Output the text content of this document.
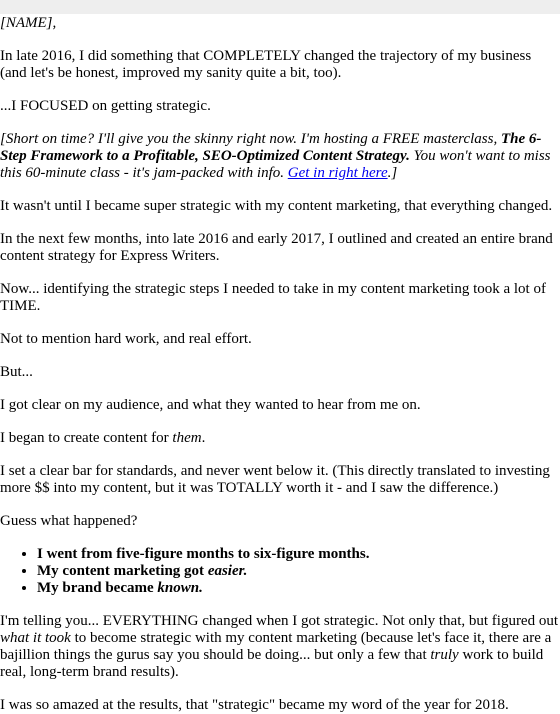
[NAME],

In late 2016, I did something that COMPLETELY changed the trajectory of my business (and let's be honest, improved my sanity quite a bit, too).

...I FOCUSED on getting strategic.

[Short on time? I'll give you the skinny right now. I'm hosting a FREE masterclass, The 6-Step Framework to a Profitable, SEO-Optimized Content Strategy. You won't want to miss this 60-minute class - it's jam-packed with info. Get in right here.]

It wasn't until I became super strategic with my content marketing, that everything changed.

In the next few months, into late 2016 and early 2017, I outlined and created an entire brand content strategy for Express Writers.

Now... identifying the strategic steps I needed to take in my content marketing took a lot of TIME.

Not to mention hard work, and real effort.

But...

I got clear on my audience, and what they wanted to hear from me on.

I began to create content for them.

I set a clear bar for standards, and never went below it. (This directly translated to investing more $$ into my content, but it was TOTALLY worth it - and I saw the difference.)

Guess what happened?

• I went from five-figure months to six-figure months.
• My content marketing got easier.
• My brand became known.

I'm telling you... EVERYTHING changed when I got strategic. Not only that, but figured out what it took to become strategic with my content marketing (because let's face it, there are a bajillion things the gurus say you should be doing... but only a few that truly work to build real, long-term brand results).

I was so amazed at the results, that "strategic" became my word of the year for 2018.
